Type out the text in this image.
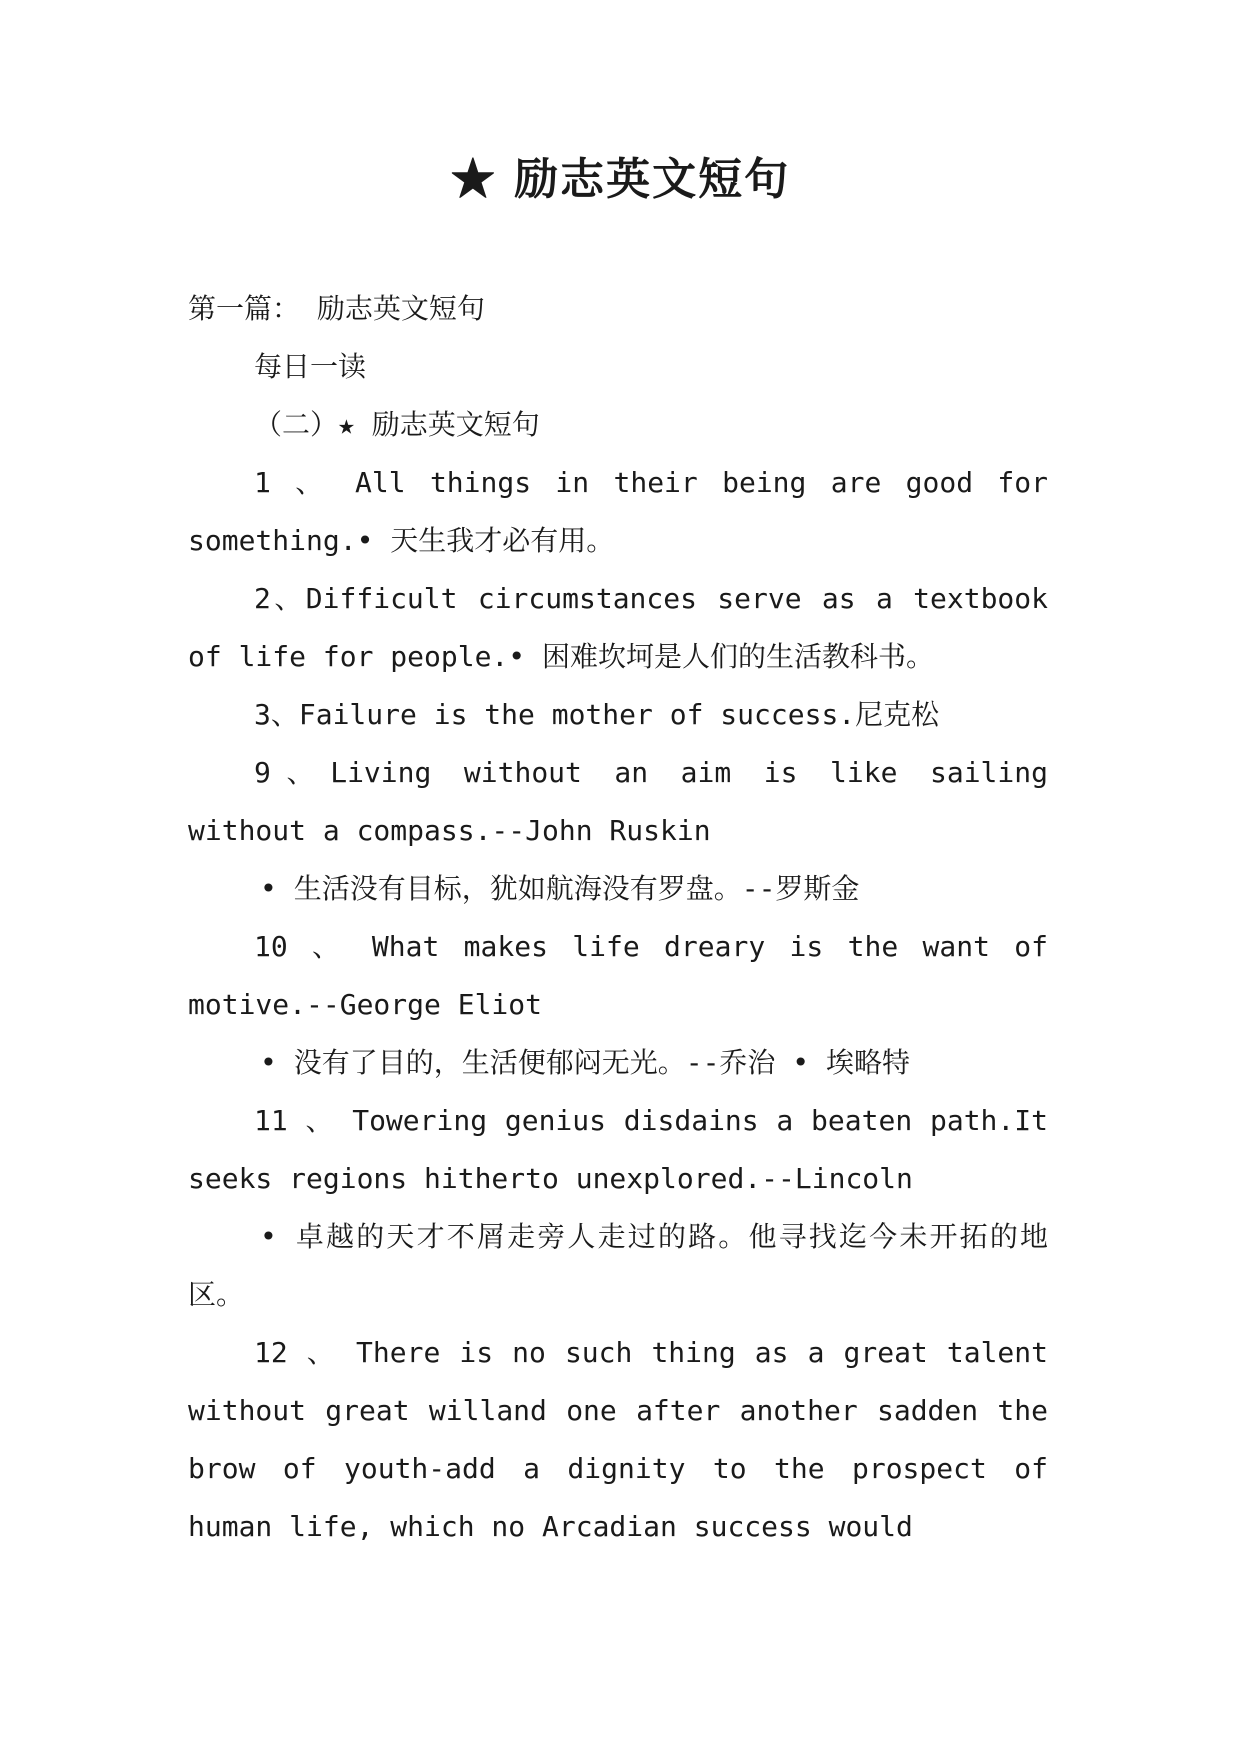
★ 励志英文短句

第一篇： 励志英文短句

每日一读

（二）★ 励志英文短句

1 、 All things in their being are good for something.• 天生我才必有用。

2、Difficult circumstances serve as a textbook of life for people.• 困难坎坷是人们的生活教科书。

3、Failure is the mother of success.尼克松

9、Living without an aim is like sailing without a compass.--John Ruskin

• 生活没有目标，犹如航海没有罗盘。--罗斯金

10 、 What makes life dreary is the want of motive.--George Eliot

• 没有了目的，生活便郁闷无光。--乔治 • 埃略特

11 、 Towering genius disdains a beaten path.It seeks regions hitherto unexplored.--Lincoln

• 卓越的天才不屑走旁人走过的路。他寻找迄今未开拓的地区。

12 、 There is no such thing as a great talent without great willand one after another sadden the brow of youth-add a dignity to the prospect of human life, which no Arcadian success would
